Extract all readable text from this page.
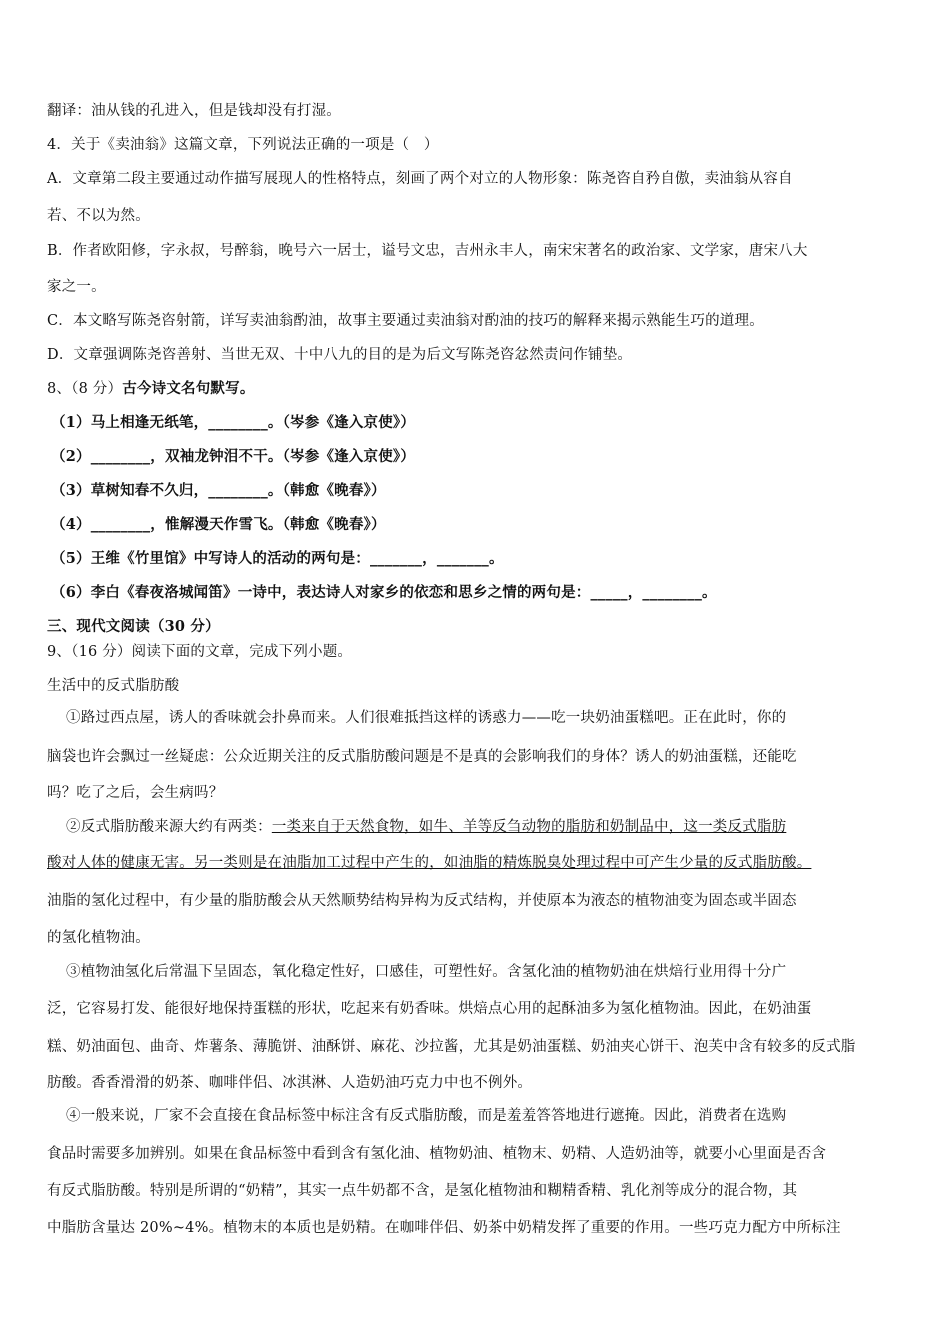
翻译：油从钱的孔进入，但是钱却没有打湿。
4．关于《卖油翁》这篇文章，下列说法正确的一项是（　）
A．文章第二段主要通过动作描写展现人的性格特点，刻画了两个对立的人物形象：陈尧咨自矜自傲，卖油翁从容自
若、不以为然。
B．作者欧阳修，字永叔，号醉翁，晚号六一居士，谥号文忠，吉州永丰人，南宋宋著名的政治家、文学家，唐宋八大
家之一。
C．本文略写陈尧咨射箭，详写卖油翁酌油，故事主要通过卖油翁对酌油的技巧的解释来揭示熟能生巧的道理。
D．文章强调陈尧咨善射、当世无双、十中八九的目的是为后文写陈尧咨忿然责问作铺垫。
8、（8 分）古今诗文名句默写。
（1）马上相逢无纸笔，________。（岑参《逢入京使》）
（2）________，双袖龙钟泪不干。（岑参《逢入京使》）
（3）草树知春不久归，________。（韩愈《晚春》）
（4）________，惟解漫天作雪飞。（韩愈《晚春》）
（5）王维《竹里馆》中写诗人的活动的两句是：_______，_______。
（6）李白《春夜洛城闻笛》一诗中，表达诗人对家乡的依恋和思乡之情的两句是：_____，________。
三、现代文阅读（30 分）
9、（16 分）阅读下面的文章，完成下列小题。
生活中的反式脂肪酸
①路过西点屋，诱人的香味就会扑鼻而来。人们很难抵挡这样的诱惑力——吃一块奶油蛋糕吧。正在此时，你的
脑袋也许会飘过一丝疑虑：公众近期关注的反式脂肪酸问题是不是真的会影响我们的身体？诱人的奶油蛋糕，还能吃
吗？吃了之后，会生病吗？
②反式脂肪酸来源大约有两类：一类来自于天然食物，如牛、羊等反刍动物的脂肪和奶制品中，这一类反式脂肪
酸对人体的健康无害。另一类则是在油脂加工过程中产生的，如油脂的精炼脱臭处理过程中可产生少量的反式脂肪酸。
油脂的氢化过程中，有少量的脂肪酸会从天然顺势结构异构为反式结构，并使原本为液态的植物油变为固态或半固态
的氢化植物油。
③植物油氢化后常温下呈固态，氧化稳定性好，口感佳，可塑性好。含氢化油的植物奶油在烘焙行业用得十分广
泛，它容易打发、能很好地保持蛋糕的形状，吃起来有奶香味。烘焙点心用的起酥油多为氢化植物油。因此，在奶油蛋
糕、奶油面包、曲奇、炸薯条、薄脆饼、油酥饼、麻花、沙拉酱，尤其是奶油蛋糕、奶油夹心饼干、泡芙中含有较多的反式脂
肪酸。香香滑滑的奶茶、咖啡伴侣、冰淇淋、人造奶油巧克力中也不例外。
④一般来说，厂家不会直接在食品标签中标注含有反式脂肪酸，而是羞羞答答地进行遮掩。因此，消费者在选购
食品时需要多加辨别。如果在食品标签中看到含有氢化油、植物奶油、植物末、奶精、人造奶油等，就要小心里面是否含
有反式脂肪酸。特别是所谓的“奶精”，其实一点牛奶都不含，是氢化植物油和糊精香精、乳化剂等成分的混合物，其
中脂肪含量达 20%~4%。植物末的本质也是奶精。在咖啡伴侣、奶茶中奶精发挥了重要的作用。一些巧克力配方中所标注
